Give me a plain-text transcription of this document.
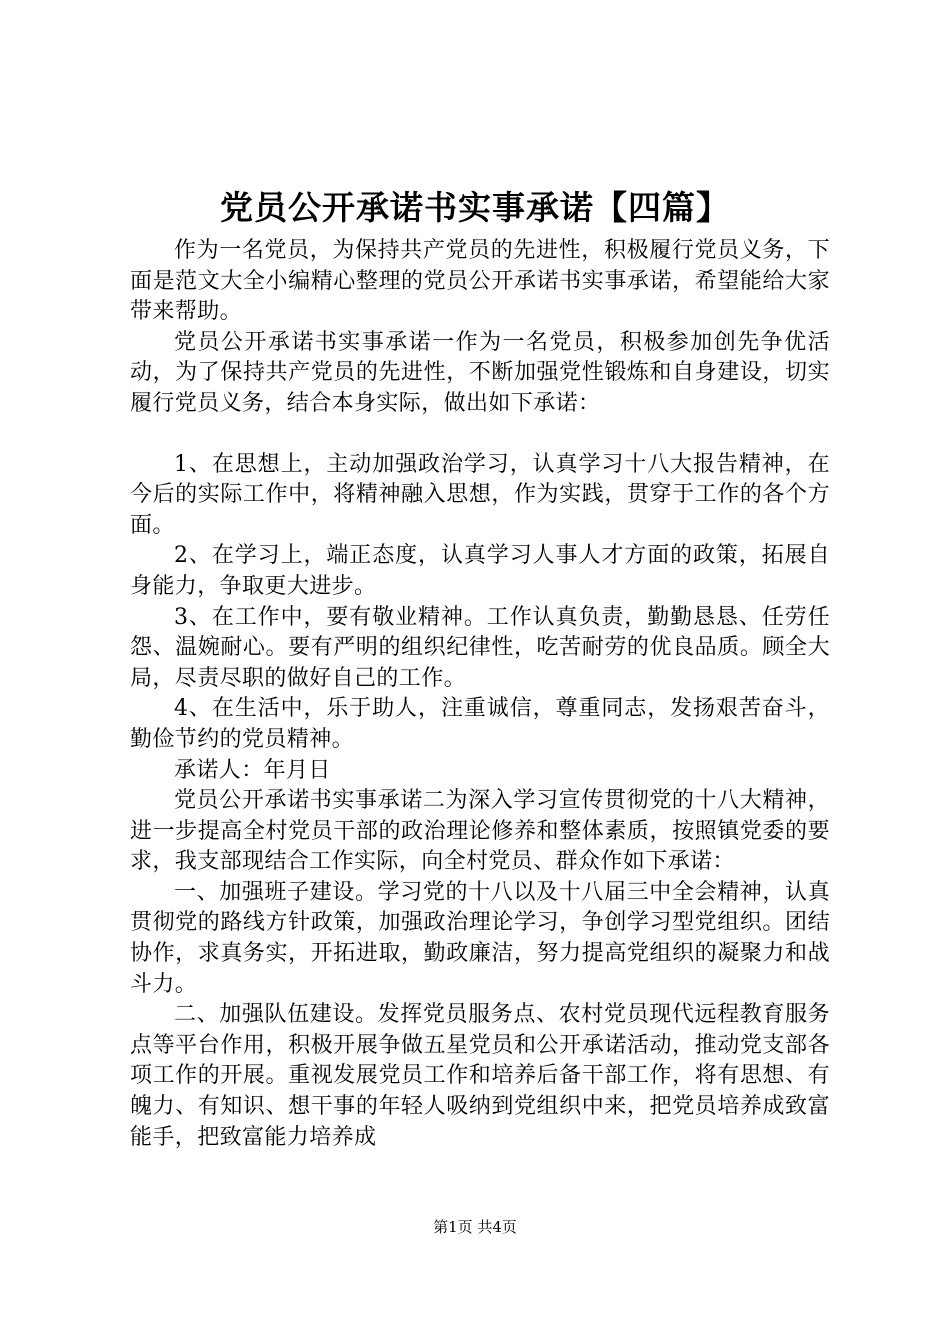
党员公开承诺书实事承诺【四篇】

作为一名党员，为保持共产党员的先进性，积极履行党员义务，下面是范文大全小编精心整理的党员公开承诺书实事承诺，希望能给大家带来帮助。

党员公开承诺书实事承诺一作为一名党员，积极参加创先争优活动，为了保持共产党员的先进性，不断加强党性锻炼和自身建设，切实履行党员义务，结合本身实际，做出如下承诺：

1、在思想上，主动加强政治学习，认真学习十八大报告精神，在今后的实际工作中，将精神融入思想，作为实践，贯穿于工作的各个方面。

2、在学习上，端正态度，认真学习人事人才方面的政策，拓展自身能力，争取更大进步。

3、在工作中，要有敬业精神。工作认真负责，勤勤恳恳、任劳任怨、温婉耐心。要有严明的组织纪律性，吃苦耐劳的优良品质。顾全大局，尽责尽职的做好自己的工作。

4、在生活中，乐于助人，注重诚信，尊重同志，发扬艰苦奋斗，勤俭节约的党员精神。

承诺人：年月日

党员公开承诺书实事承诺二为深入学习宣传贯彻党的十八大精神，进一步提高全村党员干部的政治理论修养和整体素质，按照镇党委的要求，我支部现结合工作实际，向全村党员、群众作如下承诺：

一、加强班子建设。学习党的十八以及十八届三中全会精神，认真贯彻党的路线方针政策，加强政治理论学习，争创学习型党组织。团结协作，求真务实，开拓进取，勤政廉洁，努力提高党组织的凝聚力和战斗力。

二、加强队伍建设。发挥党员服务点、农村党员现代远程教育服务点等平台作用，积极开展争做五星党员和公开承诺活动，推动党支部各项工作的开展。重视发展党员工作和培养后备干部工作，将有思想、有魄力、有知识、想干事的年轻人吸纳到党组织中来，把党员培养成致富能手，把致富能力培养成

第1页 共4页
